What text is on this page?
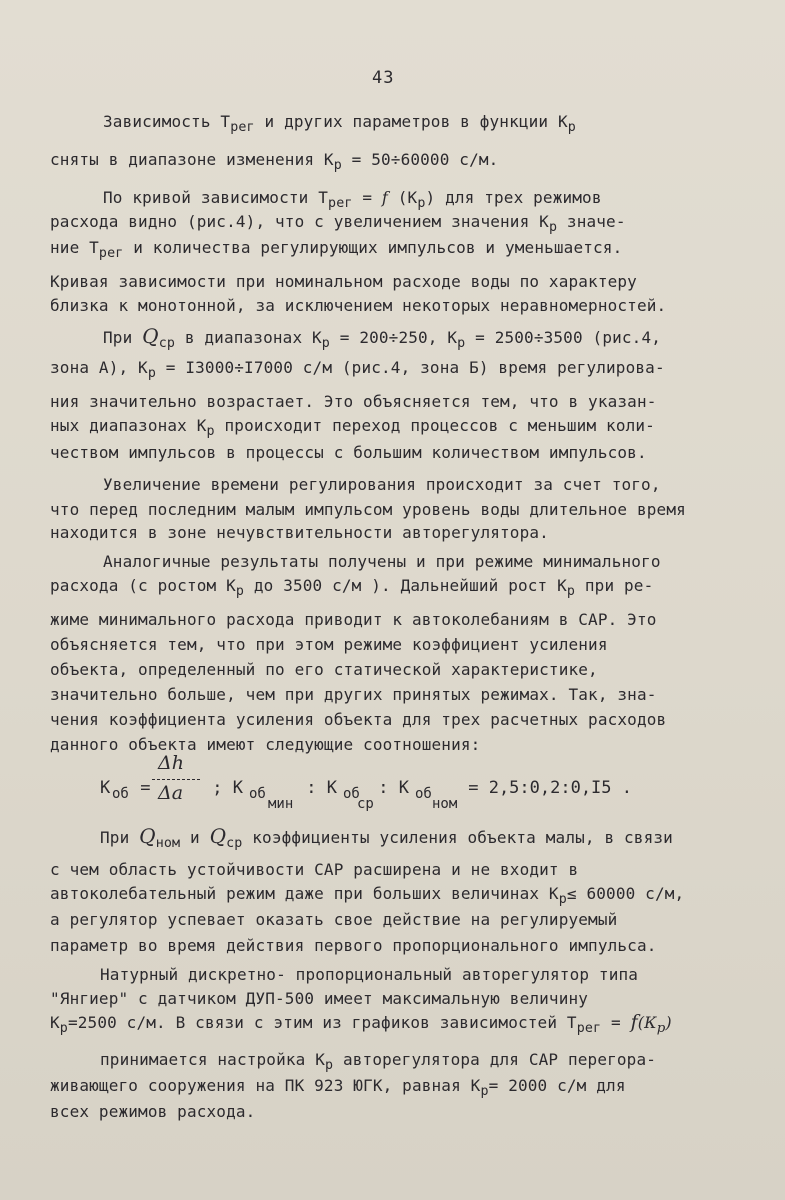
43
Зависимость $Т_{рег}$ и других параметров в функции $К_р$
сняты в диапазоне изменения $К_р = 50\div 60000$ с/м.
По кривой зависимости $Т_{рег} = f$ $(К_р)$ для трех режимов
расхода видно (рис.4), что с увеличением значения $К_р$ значе-
ние $Т_{рег}$ и количества регулирующих импульсов и уменьшается.
Кривая зависимости при номинальном расходе воды по характеру
близка к монотонной, за исключением некоторых неравномерностей.
При $Q_{ср}$ в диапазонах $К_р = 200\div 250$, $К_р = 2500\div 3500$ (рис.4,
зона А), $К_р = I3000\div I7000$ с/м (рис.4, зона Б) время регулирова-
ния значительно возрастает. Это объясняется тем, что в указан-
ных диапазонах $К_р$ происходит переход процессов с меньшим коли-
чеством импульсов в процессы с большим количеством импульсов.
Увеличение времени регулирования происходит за счет того,
что перед последним малым импульсом уровень воды длительное время
находится в зоне нечувствительности авторегулятора.
Аналогичные результаты получены и при режиме минимального
расхода (с ростом $К_р$ до 3500 с/м ). Дальнейший рост $К_р$ при ре-
жиме минимального расхода приводит к автоколебаниям в САР. Это
объясняется тем, что при этом режиме коэффициент усиления
объекта, определенный по его статической характеристике,
значительно больше, чем при других принятых режимах. Так, зна-
чения коэффициента усиления объекта для трех расчетных расходов
данного объекта имеют следующие соотношения:
К об =
Δh
Δa ; К об
мин
: К об
ср
: К об
ном
= 2,5:0,2:0,I5 .
При $Q_{ном}$ и $Q_{ср}$ коэффициенты усиления объекта малы, в связи
с чем область устойчивости САР расширена и не входит в
автоколебательный режим даже при больших величинах $К_р\le 60000$ с/м,
а регулятор успевает оказать свое действие на регулируемый
параметр во время действия первого пропорционального импульса.
Натурный дискретно- пропорциональный авторегулятор типа
"Янгиер" с датчиком ДУП-500 имеет максимальную величину
$К_р=2500$ с/м. В связи с этим из графиков зависимостей $Т_{рег} = f(К_р)$
принимается настройка $К_р$ авторегулятора для САР перегора-
живающего сооружения на ПК 923 ЮГК, равная $К_р= 2000$ с/м для
всех режимов расхода.
